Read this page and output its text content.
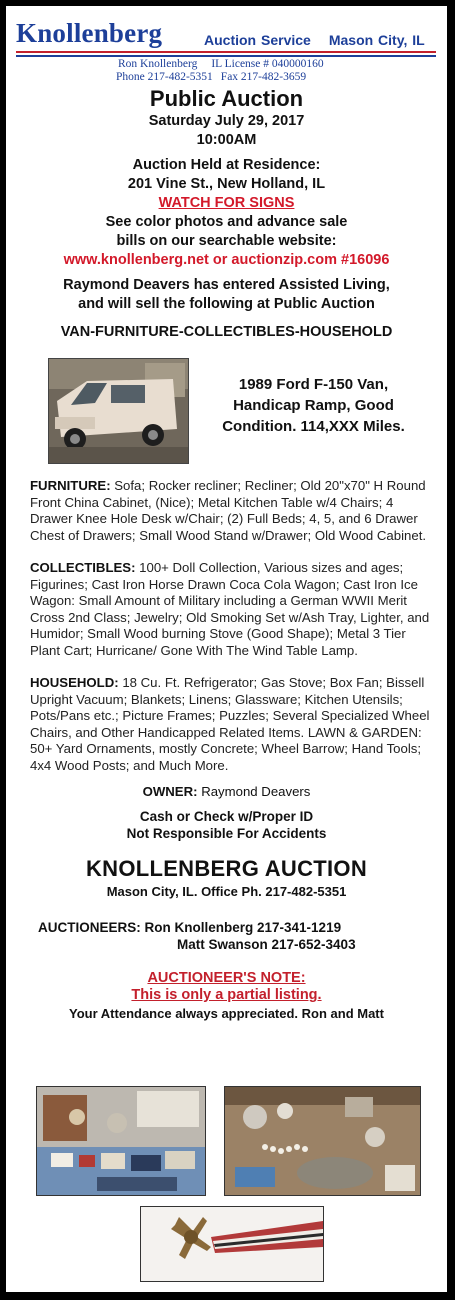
Knollenberg	Auction Service Mason City, IL
Ron Knollenberg IL License # 040000160
Phone 217-482-5351 Fax 217-482-3659
Public Auction
Saturday July 29, 2017
10:00AM
Auction Held at Residence:
201 Vine St., New Holland, IL
WATCH FOR SIGNS
See color photos and advance sale
bills on our searchable website:
www.knollenberg.net or auctionzip.com #16096
Raymond Deavers has entered Assisted Living,
and will sell the following at Public Auction
VAN-FURNITURE-COLLECTIBLES-HOUSEHOLD
1989 Ford F-150 Van,
Handicap Ramp, Good
Condition. 114,XXX Miles.

FURNITURE: Sofa; Rocker recliner; Recliner; Old 20"x70" H Round Front China Cabinet, (Nice); Metal Kitchen Table w/4 Chairs; 4 Drawer Knee Hole Desk w/Chair; (2) Full Beds; 4, 5, and 6 Drawer Chest of Drawers; Small Wood Stand w/Drawer; Old Wood Cabinet.

COLLECTIBLES: 100+ Doll Collection, Various sizes and ages; Figurines; Cast Iron Horse Drawn Coca Cola Wagon; Cast Iron Ice Wagon: Small Amount of Military including a German WWII Merit Cross 2nd Class; Jewelry; Old Smoking Set w/Ash Tray, Lighter, and Humidor; Small Wood burning Stove (Good Shape); Metal 3 Tier Plant Cart; Hurricane/ Gone With The Wind Table Lamp.

HOUSEHOLD: 18 Cu. Ft. Refrigerator; Gas Stove; Box Fan; Bissell Upright Vacuum; Blankets; Linens; Glassware; Kitchen Utensils; Pots/Pans etc.; Picture Frames; Puzzles; Several Specialized Wheel Chairs, and Other Handicapped Related Items. LAWN & GARDEN: 50+ Yard Ornaments, mostly Concrete; Wheel Barrow; Hand Tools; 4x4 Wood Posts; and Much More.

OWNER: Raymond Deavers
Cash or Check w/Proper ID
Not Responsible For Accidents
KNOLLENBERG AUCTION
Mason City, IL. Office Ph. 217-482-5351
AUCTIONEERS: Ron Knollenberg 217-341-1219
Matt Swanson 217-652-3403
AUCTIONEER'S NOTE:
This is only a partial listing.
Your Attendance always appreciated. Ron and Matt
